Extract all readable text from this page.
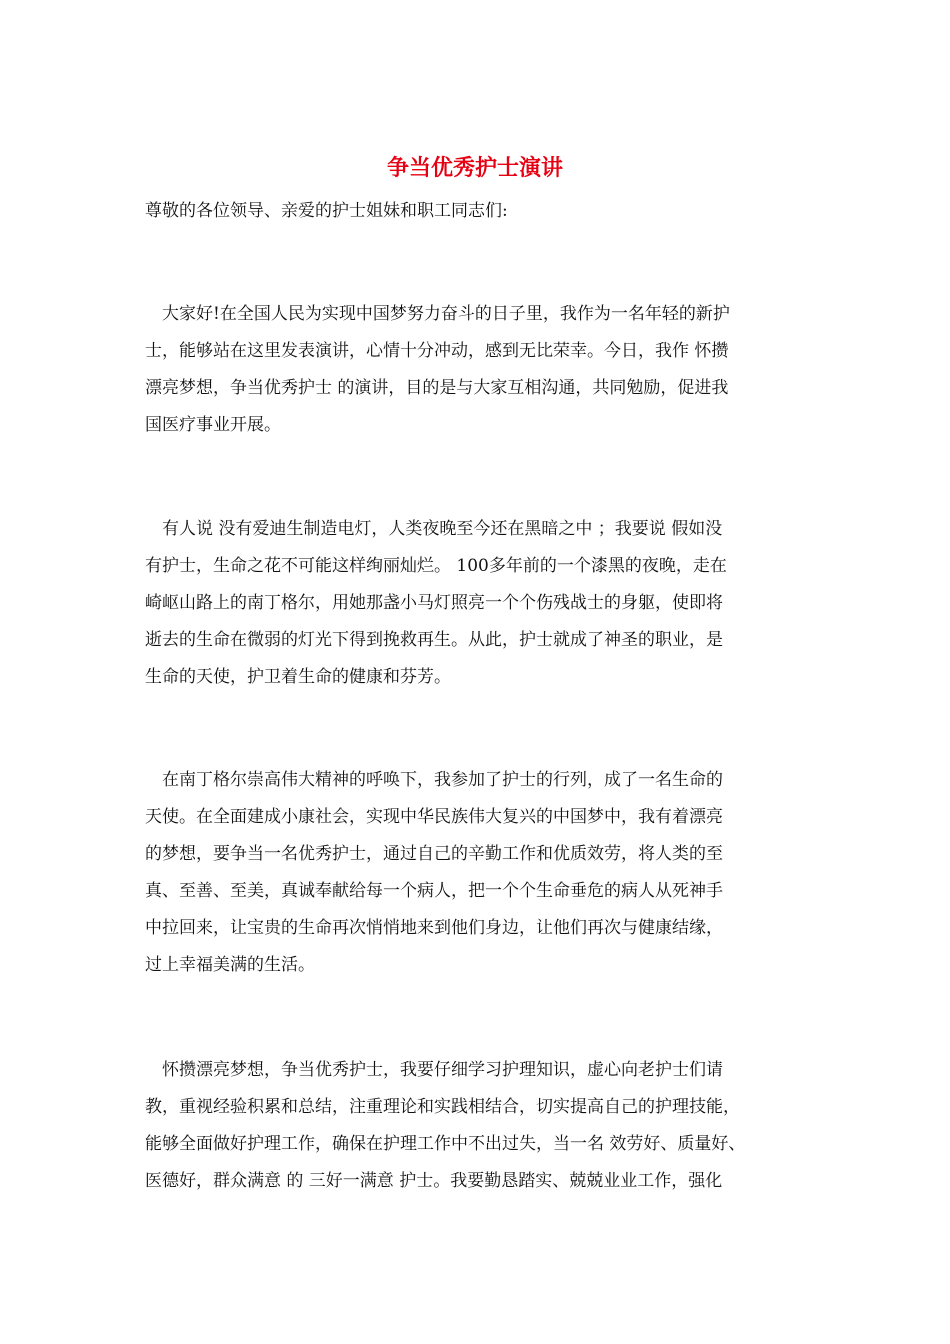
争当优秀护士演讲

尊敬的各位领导、亲爱的护士姐妹和职工同志们:

　大家好!在全国人民为实现中国梦努力奋斗的日子里，我作为一名年轻的新护
士，能够站在这里发表演讲，心情十分冲动，感到无比荣幸。今日，我作 怀攒
漂亮梦想，争当优秀护士 的演讲，目的是与大家互相沟通，共同勉励，促进我
国医疗事业开展。
　有人说 没有爱迪生制造电灯，人类夜晚至今还在黑暗之中 ；我要说 假如没
有护士，生命之花不可能这样绚丽灿烂。 100多年前的一个漆黑的夜晚，走在
崎岖山路上的南丁格尔，用她那盏小马灯照亮一个个伤残战士的身躯，使即将
逝去的生命在微弱的灯光下得到挽救再生。从此，护士就成了神圣的职业，是
生命的天使，护卫着生命的健康和芬芳。
　在南丁格尔崇高伟大精神的呼唤下，我参加了护士的行列，成了一名生命的
天使。在全面建成小康社会，实现中华民族伟大复兴的中国梦中，我有着漂亮
的梦想，要争当一名优秀护士，通过自己的辛勤工作和优质效劳，将人类的至
真、至善、至美，真诚奉献给每一个病人，把一个个生命垂危的病人从死神手
中拉回来，让宝贵的生命再次悄悄地来到他们身边，让他们再次与健康结缘，
过上幸福美满的生活。
　怀攒漂亮梦想，争当优秀护士，我要仔细学习护理知识，虚心向老护士们请
教，重视经验积累和总结，注重理论和实践相结合，切实提高自己的护理技能，
能够全面做好护理工作，确保在护理工作中不出过失，当一名 效劳好、质量好、
医德好，群众满意 的 三好一满意 护士。我要勤恳踏实、兢兢业业工作，强化
